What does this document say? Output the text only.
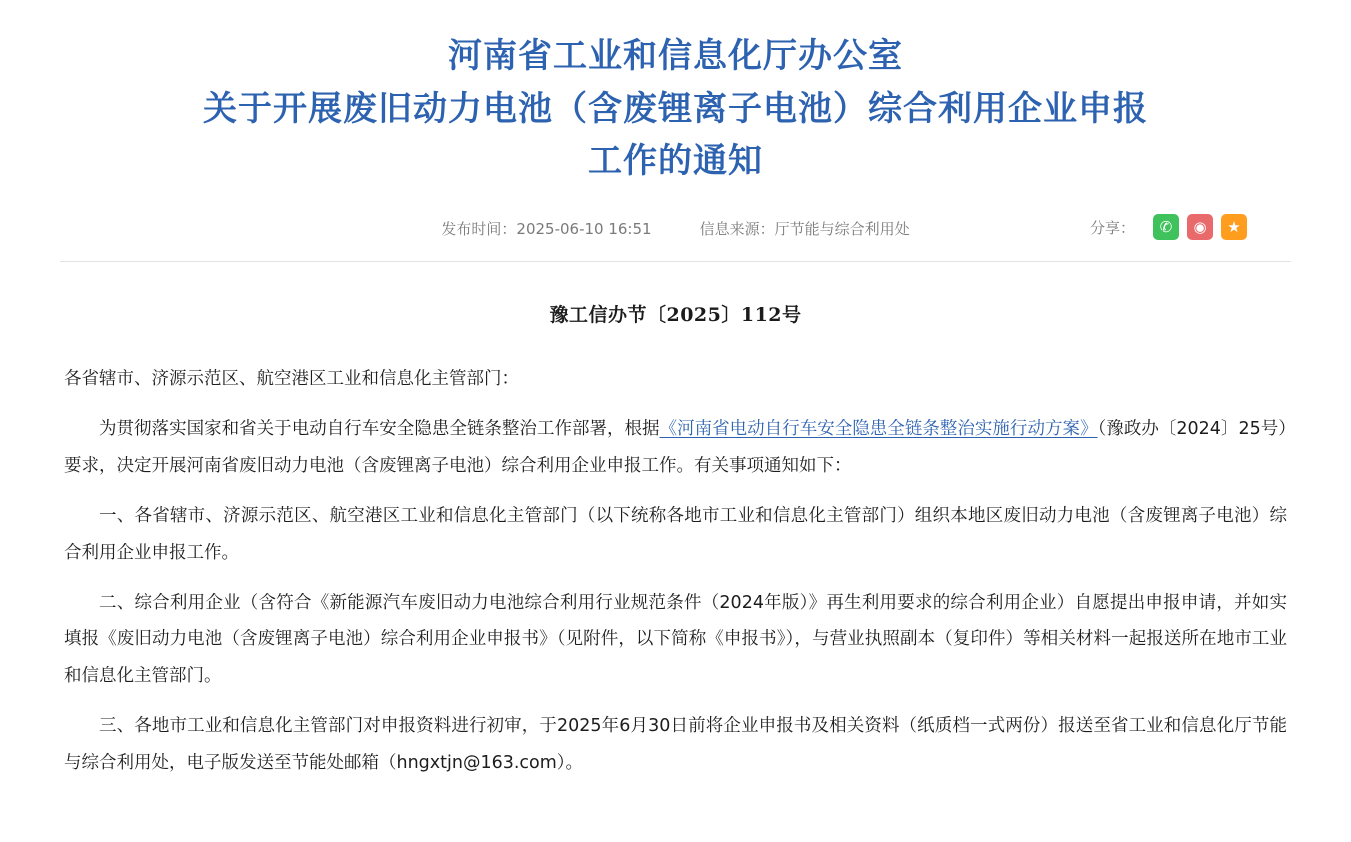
河南省工业和信息化厅办公室
关于开展废旧动力电池（含废锂离子电池）综合利用企业申报
工作的通知
发布时间：2025-06-10 16:51	信息来源：厅节能与综合利用处	分享：	✆	◉	★
豫工信办节〔2025〕112号

各省辖市、济源示范区、航空港区工业和信息化主管部门：

为贯彻落实国家和省关于电动自行车安全隐患全链条整治工作部署，根据《河南省电动自行车安全隐患全链条整治实施行动方案》（豫政办〔2024〕25号）要求，决定开展河南省废旧动力电池（含废锂离子电池）综合利用企业申报工作。有关事项通知如下：

一、各省辖市、济源示范区、航空港区工业和信息化主管部门（以下统称各地市工业和信息化主管部门）组织本地区废旧动力电池（含废锂离子电池）综合利用企业申报工作。

二、综合利用企业（含符合《新能源汽车废旧动力电池综合利用行业规范条件（2024年版）》再生利用要求的综合利用企业）自愿提出申报申请，并如实填报《废旧动力电池（含废锂离子电池）综合利用企业申报书》（见附件，以下简称《申报书》），与营业执照副本（复印件）等相关材料一起报送所在地市工业和信息化主管部门。

三、各地市工业和信息化主管部门对申报资料进行初审，于2025年6月30日前将企业申报书及相关资料（纸质档一式两份）报送至省工业和信息化厅节能与综合利用处，电子版发送至节能处邮箱（hngxtjn@163.com）。
